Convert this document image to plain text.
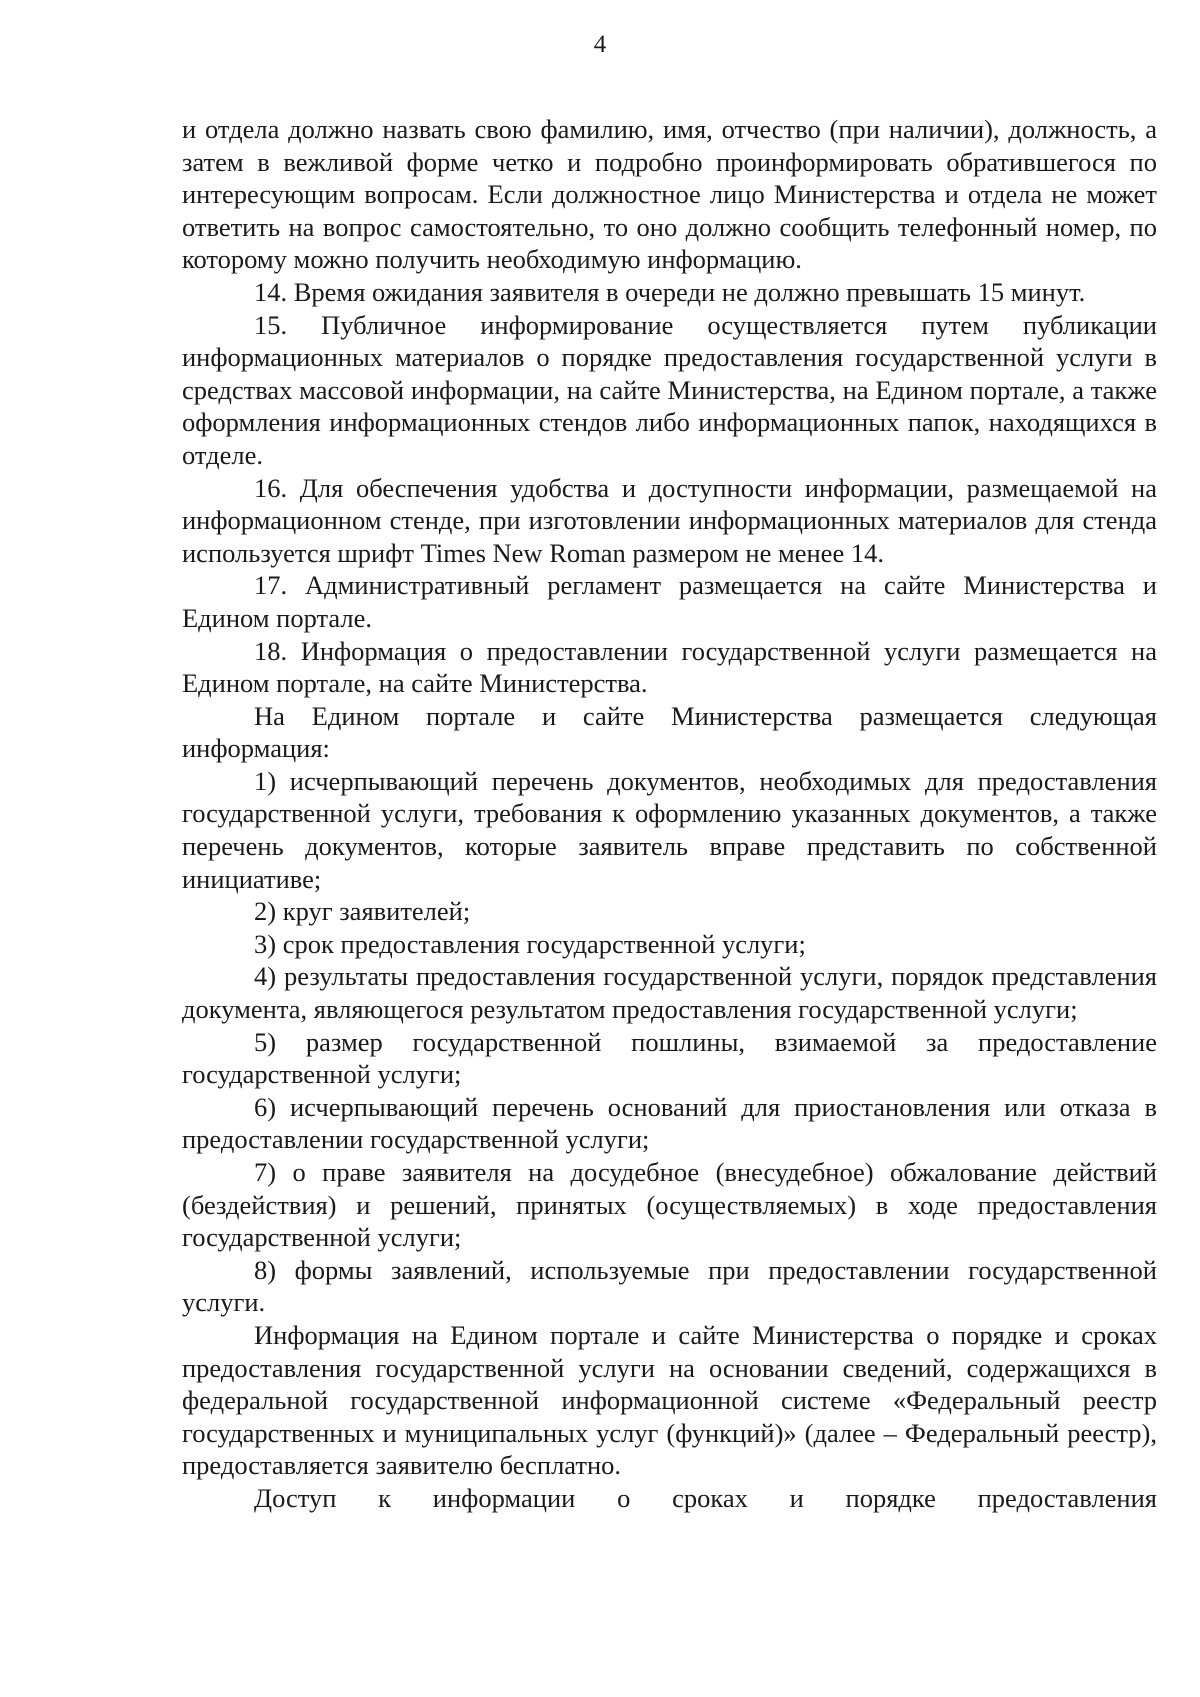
4

и отдела должно назвать свою фамилию, имя, отчество (при наличии), должность, а затем в вежливой форме четко и подробно проинформировать обратившегося по интересующим вопросам. Если должностное лицо Министерства и отдела не может ответить на вопрос самостоятельно, то оно должно сообщить телефонный номер, по которому можно получить необходимую информацию.

14. Время ожидания заявителя в очереди не должно превышать 15 минут.

15. Публичное информирование осуществляется путем публикации информационных материалов о порядке предоставления государственной услуги в средствах массовой информации, на сайте Министерства, на Едином портале, а также оформления информационных стендов либо информационных папок, находящихся в отделе.

16. Для обеспечения удобства и доступности информации, размещаемой на информационном стенде, при изготовлении информационных материалов для стенда используется шрифт Times New Roman размером не менее 14.

17. Административный регламент размещается на сайте Министерства и Едином портале.

18. Информация о предоставлении государственной услуги размещается на Едином портале, на сайте Министерства.

На Едином портале и сайте Министерства размещается следующая информация:

1) исчерпывающий перечень документов, необходимых для предоставления государственной услуги, требования к оформлению указанных документов, а также перечень документов, которые заявитель вправе представить по собственной инициативе;

2) круг заявителей;

3) срок предоставления государственной услуги;

4) результаты предоставления государственной услуги, порядок представления документа, являющегося результатом предоставления государственной услуги;

5) размер государственной пошлины, взимаемой за предоставление государственной услуги;

6) исчерпывающий перечень оснований для приостановления или отказа в предоставлении государственной услуги;

7) о праве заявителя на досудебное (внесудебное) обжалование действий (бездействия) и решений, принятых (осуществляемых) в ходе предоставления государственной услуги;

8) формы заявлений, используемые при предоставлении государственной услуги.

Информация на Едином портале и сайте Министерства о порядке и сроках предоставления государственной услуги на основании сведений, содержащихся в федеральной государственной информационной системе «Федеральный реестр государственных и муниципальных услуг (функций)» (далее – Федеральный реестр), предоставляется заявителю бесплатно.

Доступ к информации о сроках и порядке предоставления
